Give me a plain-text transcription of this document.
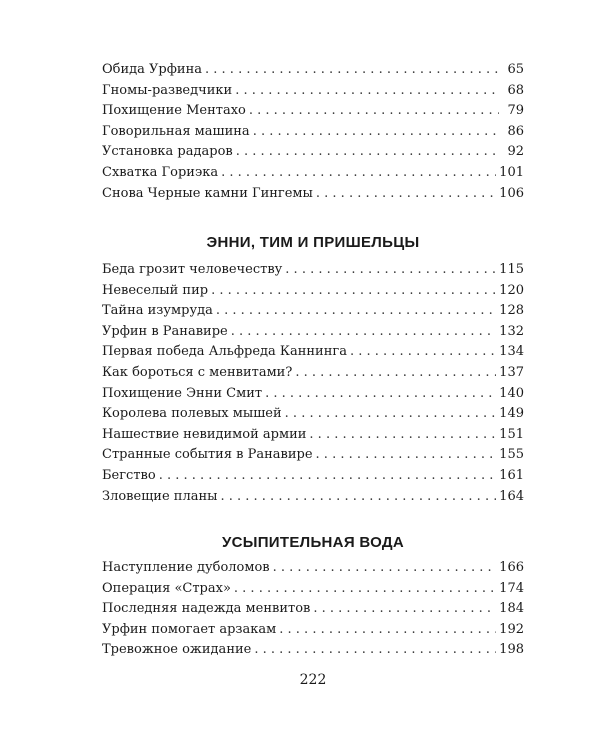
Обида Урфина . . .	65
Гномы-разведчики . . .	68
Похищение Ментахо . . .	79
Говорильная машина . . .	86
Установка радаров . . .	92
Схватка Гориэка . . .	101
Снова Черные камни Гингемы . . .	106
ЭННИ, ТИМ И ПРИШЕЛЬЦЫ
Беда грозит человечеству . . .	115
Невеселый пир . . .	120
Тайна изумруда . . .	128
Урфин в Ранавире . . .	132
Первая победа Альфреда Каннинга . . .	134
Как бороться с менвитами? . . .	137
Похищение Энни Смит . . .	140
Королева полевых мышей . . .	149
Нашествие невидимой армии . . .	151
Странные события в Ранавире . . .	155
Бегство . . .	161
Зловещие планы . . .	164
УСЫПИТЕЛЬНАЯ ВОДА
Наступление дуболомов . . .	166
Операция «Страх» . . .	174
Последняя надежда менвитов . . .	184
Урфин помогает арзакам . . .	192
Тревожное ожидание . . .	198
222
